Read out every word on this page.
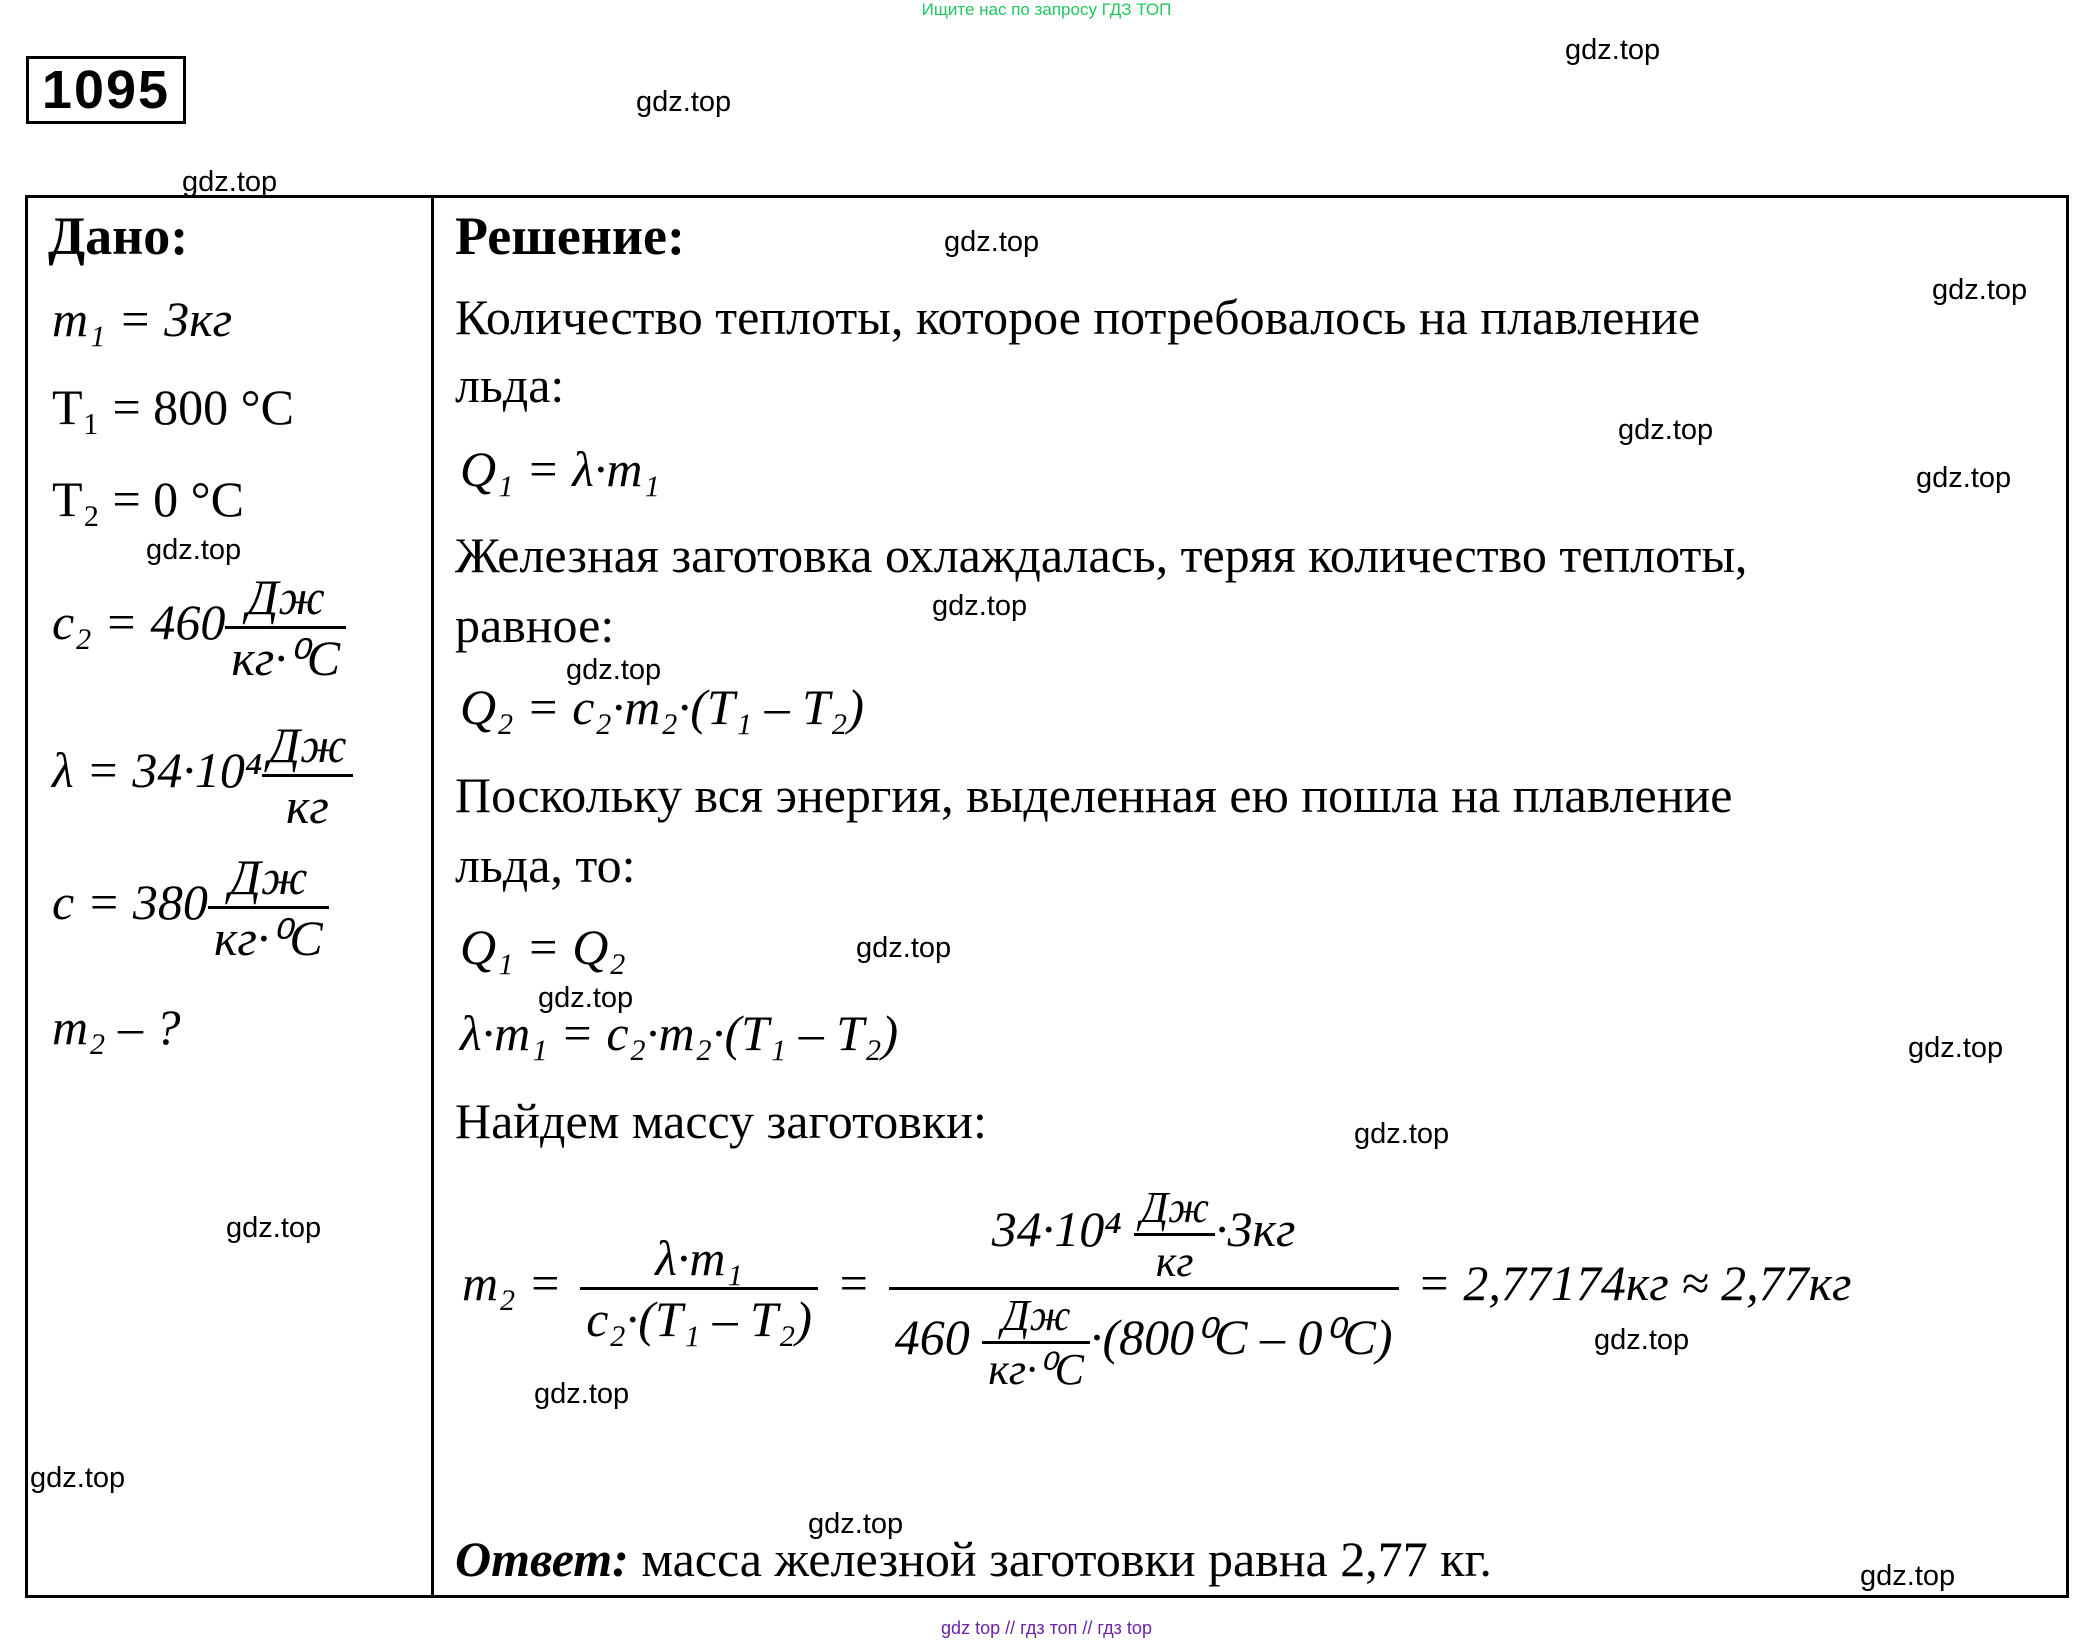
Ищите нас по запросу ГДЗ ТОП
1095
Дано:
m₁ = 3кг
T₁ = 800 °C
T₂ = 0 °C
c₂ = 460 Дж
кг·⁰C
λ = 34·10⁴ Дж
кг
c = 380 Дж
кг·⁰C
m₂ – ?
Решение:
Количество теплоты, которое потребовалось на плавление
льда:
Q₁ = λ·m₁
Железная заготовка охлаждалась, теряя количество теплоты,
равное:
Q₂ = c₂·m₂·(T₁ – T₂)
Поскольку вся энергия, выделенная ею пошла на плавление
льда, то:
Q₁ = Q₂
λ·m₁ = c₂·m₂·(T₁ – T₂)
Найдем массу заготовки:
$m_2 = \frac{\text{λ·m₁}}{\text{c₂·(T₁ – T₂)}}$ =
34·10⁴ Дж
кг
·3кг
460 Дж
кг·⁰C
·(800⁰C – 0⁰C)
= 2,77174кг ≈ 2,77кг
Ответ: масса железной заготовки равна 2,77 кг.
gdz.top
gdz.top
gdz.top
gdz.top
gdz.top
gdz.top
gdz.top
gdz.top
gdz.top
gdz.top
gdz.top
gdz.top
gdz.top
gdz.top
gdz.top
gdz.top
gdz.top
gdz.top
gdz.top
gdz.top
gdz top // гдз топ // гдз top
